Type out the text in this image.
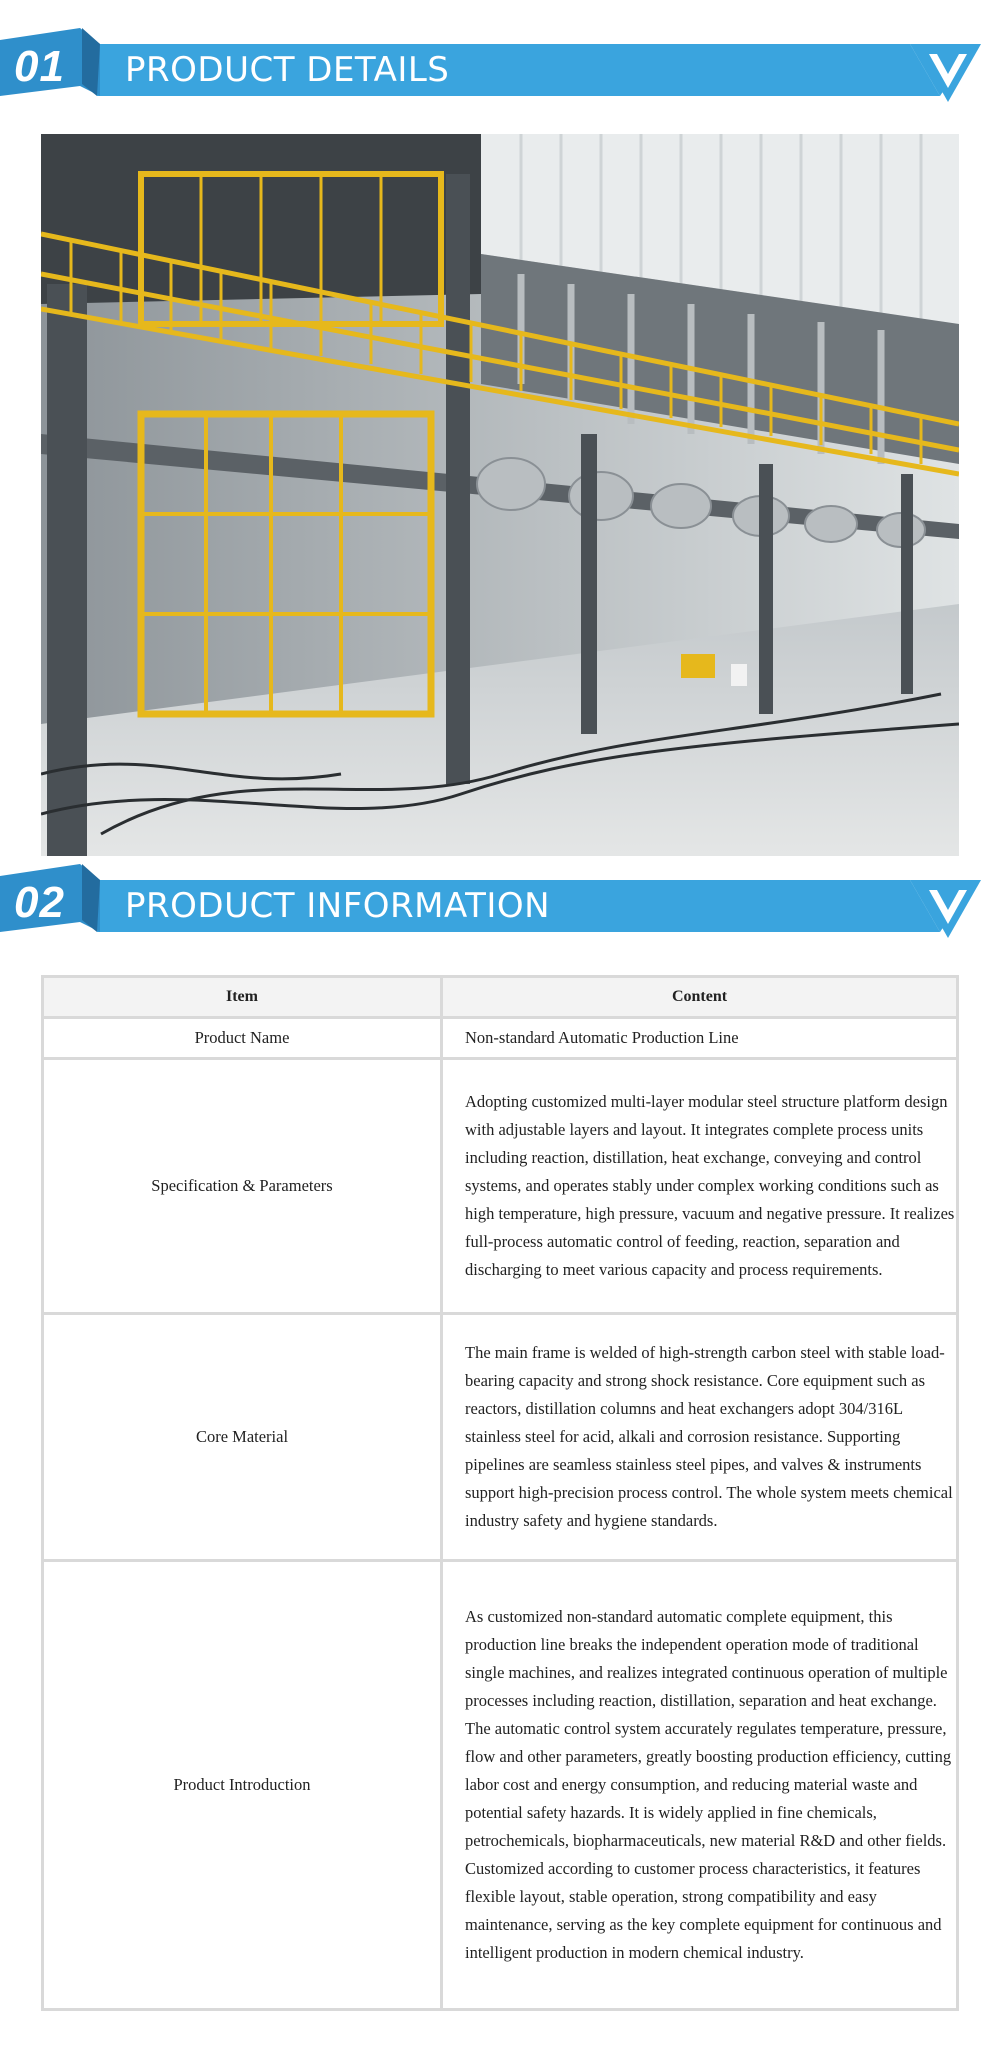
01 PRODUCT DETAILS
02 PRODUCT INFORMATION
Item	Content
Product Name	Non-standard Automatic Production Line
Specification & Parameters	Adopting customized multi-layer modular steel structure platform design with adjustable layers and layout. It integrates complete process units including reaction, distillation, heat exchange, conveying and control systems, and operates stably under complex working conditions such as high temperature, high pressure, vacuum and negative pressure. It realizes full-process automatic control of feeding, reaction, separation and discharging to meet various capacity and process requirements.
Core Material	The main frame is welded of high-strength carbon steel with stable load-bearing capacity and strong shock resistance. Core equipment such as reactors, distillation columns and heat exchangers adopt 304/316L stainless steel for acid, alkali and corrosion resistance. Supporting pipelines are seamless stainless steel pipes, and valves & instruments support high-precision process control. The whole system meets chemical industry safety and hygiene standards.
Product Introduction	As customized non-standard automatic complete equipment, this production line breaks the independent operation mode of traditional single machines, and realizes integrated continuous operation of multiple processes including reaction, distillation, separation and heat exchange. The automatic control system accurately regulates temperature, pressure, flow and other parameters, greatly boosting production efficiency, cutting labor cost and energy consumption, and reducing material waste and potential safety hazards. It is widely applied in fine chemicals, petrochemicals, biopharmaceuticals, new material R&D and other fields. Customized according to customer process characteristics, it features flexible layout, stable operation, strong compatibility and easy maintenance, serving as the key complete equipment for continuous and intelligent production in modern chemical industry.
